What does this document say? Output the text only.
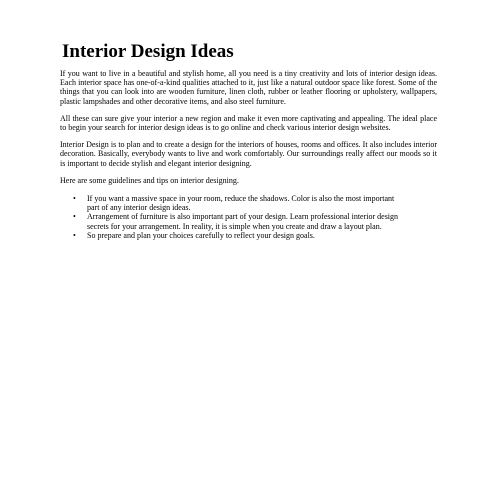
Interior Design Ideas

If you want to live in a beautiful and stylish home, all you need is a tiny creativity and lots of interior design ideas. Each interior space has one-of-a-kind qualities attached to it, just like a natural outdoor space like forest. Some of the things that you can look into are wooden furniture, linen cloth, rubber or leather flooring or upholstery, wallpapers, plastic lampshades and other decorative items, and also steel furniture.

All these can sure give your interior a new region and make it even more captivating and appealing. The ideal place to begin your search for interior design ideas is to go online and check various interior design websites.

Interior Design is to plan and to create a design for the interiors of houses, rooms and offices. It also includes interior decoration. Basically, everybody wants to live and work comfortably. Our surroundings really affect our moods so it is important to decide stylish and elegant interior designing.

Here are some guidelines and tips on interior designing.

• If you want a massive space in your room, reduce the shadows. Color is also the most important part of any interior design ideas.
• Arrangement of furniture is also important part of your design. Learn professional interior design secrets for your arrangement. In reality, it is simple when you create and draw a layout plan.
• So prepare and plan your choices carefully to reflect your design goals.
